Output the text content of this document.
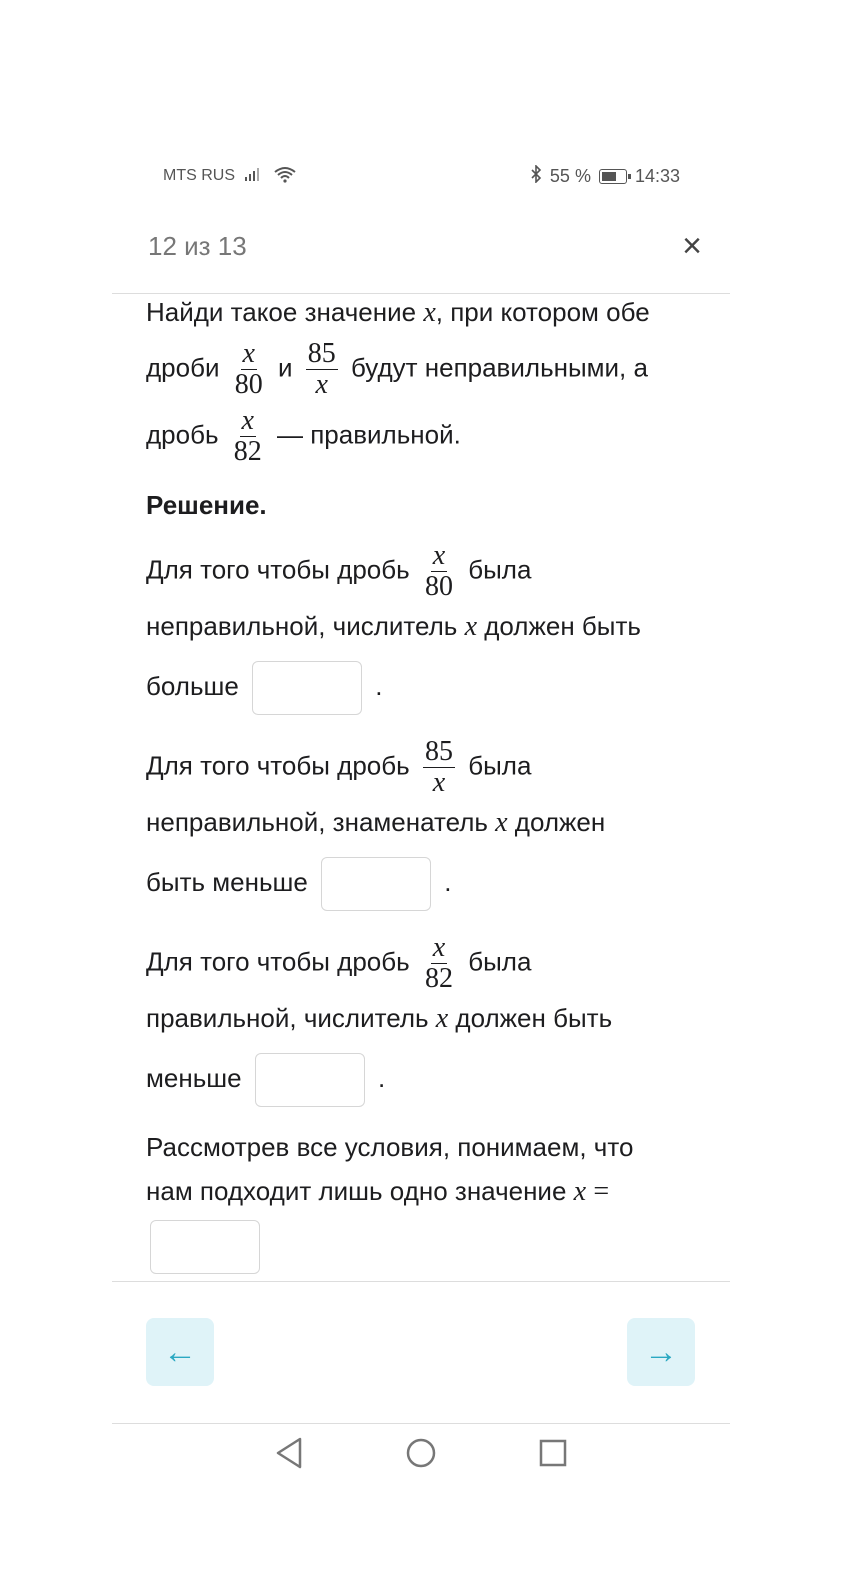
MTS RUS	55 % 14:33
12 из 13	×
Найди такое значение x, при котором обе
дроби $\frac{x}{80}$ и $\frac{85}{x}$ будут неправильными, а
дробь $\frac{x}{82}$ — правильной.
Решение.
Для того чтобы дробь $\frac{x}{80}$ была
неправильной, числитель x должен быть
больше	.
Для того чтобы дробь $\frac{85}{x}$ была
неправильной, знаменатель x должен
быть меньше	.
Для того чтобы дробь $\frac{x}{82}$ была
правильной, числитель x должен быть
меньше	.
Рассмотрев все условия, понимаем, что
нам подходит лишь одно значение x =
←	→
